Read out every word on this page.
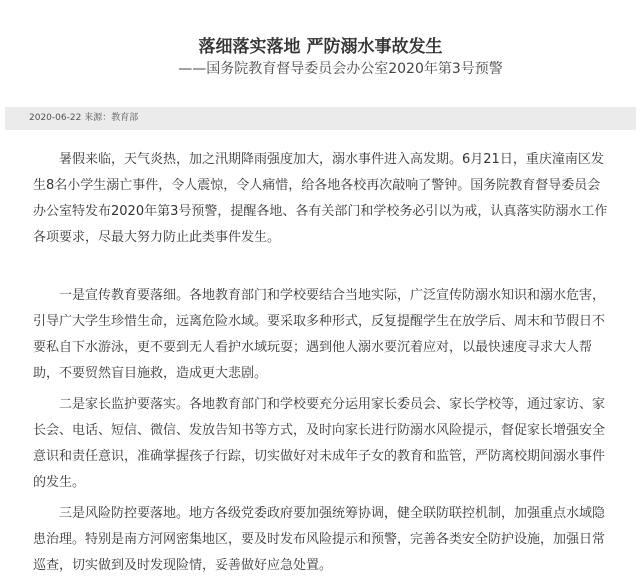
落细落实落地 严防溺水事故发生
——国务院教育督导委员会办公室2020年第3号预警
2020-06-22 来源：教育部
　　暑假来临，天气炎热，加之汛期降雨强度加大，溺水事件进入高发期。6月21日，重庆潼南区发生8名小学生溺亡事件，令人震惊，令人痛惜，给各地各校再次敲响了警钟。国务院教育督导委员会办公室特发布2020年第3号预警，提醒各地、各有关部门和学校务必引以为戒，认真落实防溺水工作各项要求，尽最大努力防止此类事件发生。
　　一是宣传教育要落细。各地教育部门和学校要结合当地实际，广泛宣传防溺水知识和溺水危害，引导广大学生珍惜生命，远离危险水域。要采取多种形式，反复提醒学生在放学后、周末和节假日不要私自下水游泳，更不要到无人看护水域玩耍；遇到他人溺水要沉着应对，以最快速度寻求大人帮助，不要贸然盲目施救，造成更大悲剧。
　　二是家长监护要落实。各地教育部门和学校要充分运用家长委员会、家长学校等，通过家访、家长会、电话、短信、微信、发放告知书等方式，及时向家长进行防溺水风险提示，督促家长增强安全意识和责任意识，准确掌握孩子行踪，切实做好对未成年子女的教育和监管，严防离校期间溺水事件的发生。
　　三是风险防控要落地。地方各级党委政府要加强统筹协调，健全联防联控机制，加强重点水域隐患治理。特别是南方河网密集地区，要及时发布风险提示和预警，完善各类安全防护设施，加强日常巡查，切实做到及时发现险情，妥善做好应急处置。
